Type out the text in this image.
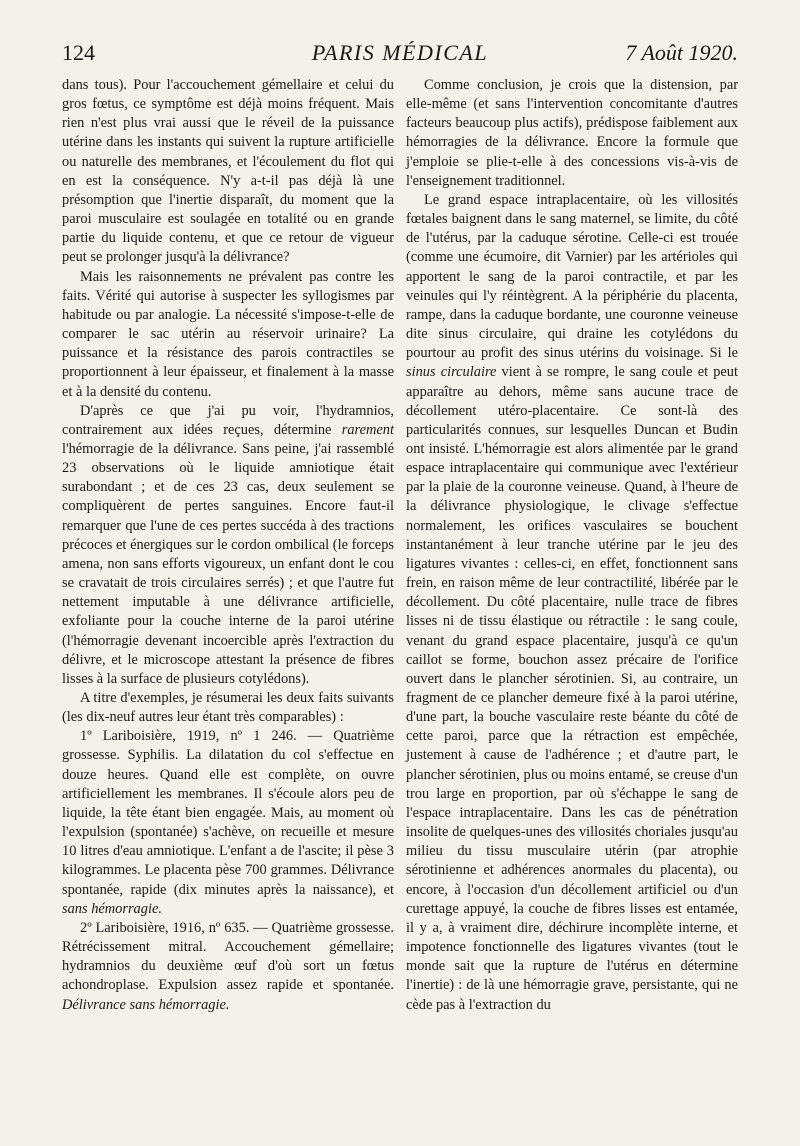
124	PARIS MÉDICAL	7 Août 1920.

dans tous). Pour l'accouchement gémellaire et celui du gros fœtus, ce symptôme est déjà moins fréquent. Mais rien n'est plus vrai aussi que le réveil de la puissance utérine dans les instants qui suivent la rupture artificielle ou naturelle des membranes, et l'écoulement du flot qui en est la conséquence. N'y a-t-il pas déjà là une présomption que l'inertie disparaît, du moment que la paroi musculaire est soulagée en totalité ou en grande partie du liquide contenu, et que ce retour de vigueur peut se prolonger jusqu'à la délivrance?

Mais les raisonnements ne prévalent pas contre les faits. Vérité qui autorise à suspecter les syllogismes par habitude ou par analogie. La nécessité s'impose-t-elle de comparer le sac utérin au réservoir urinaire? La puissance et la résistance des parois contractiles se proportionnent à leur épaisseur, et finalement à la masse et à la densité du contenu.

D'après ce que j'ai pu voir, l'hydramnios, contrairement aux idées reçues, détermine rarement l'hémorragie de la délivrance. Sans peine, j'ai rassemblé 23 observations où le liquide amniotique était surabondant ; et de ces 23 cas, deux seulement se compliquèrent de pertes sanguines. Encore faut-il remarquer que l'une de ces pertes succéda à des tractions précoces et énergiques sur le cordon ombilical (le forceps amena, non sans efforts vigoureux, un enfant dont le cou se cravatait de trois circulaires serrés) ; et que l'autre fut nettement imputable à une délivrance artificielle, exfoliante pour la couche interne de la paroi utérine (l'hémorragie devenant incoercible après l'extraction du délivre, et le microscope attestant la présence de fibres lisses à la surface de plusieurs cotylédons).

A titre d'exemples, je résumerai les deux faits suivants (les dix-neuf autres leur étant très comparables) :

1º Lariboisière, 1919, nº 1 246. — Quatrième grossesse. Syphilis. La dilatation du col s'effectue en douze heures. Quand elle est complète, on ouvre artificiellement les membranes. Il s'écoule alors peu de liquide, la tête étant bien engagée. Mais, au moment où l'expulsion (spontanée) s'achève, on recueille et mesure 10 litres d'eau amniotique. L'enfant a de l'ascite; il pèse 3 kilogrammes. Le placenta pèse 700 grammes. Délivrance spontanée, rapide (dix minutes après la naissance), et sans hémorragie.

2º Lariboisière, 1916, nº 635. — Quatrième grossesse. Rétrécissement mitral. Accouchement gémellaire; hydramnios du deuxième œuf d'où sort un fœtus achondroplase. Expulsion assez rapide et spontanée. Délivrance sans hémorragie.

Comme conclusion, je crois que la distension, par elle-même (et sans l'intervention concomitante d'autres facteurs beaucoup plus actifs), prédispose faiblement aux hémorragies de la délivrance. Encore la formule que j'emploie se plie-t-elle à des concessions vis-à-vis de l'enseignement traditionnel.

Le grand espace intraplacentaire, où les villosités fœtales baignent dans le sang maternel, se limite, du côté de l'utérus, par la caduque sérotine. Celle-ci est trouée (comme une écumoire, dit Varnier) par les artérioles qui apportent le sang de la paroi contractile, et par les veinules qui l'y réintègrent. A la périphérie du placenta, rampe, dans la caduque bordante, une couronne veineuse dite sinus circulaire, qui draine les cotylédons du pourtour au profit des sinus utérins du voisinage. Si le sinus circulaire vient à se rompre, le sang coule et peut apparaître au dehors, même sans aucune trace de décollement utéro-placentaire. Ce sont-là des particularités connues, sur lesquelles Duncan et Budin ont insisté. L'hémorragie est alors alimentée par le grand espace intraplacentaire qui communique avec l'extérieur par la plaie de la couronne veineuse. Quand, à l'heure de la délivrance physiologique, le clivage s'effectue normalement, les orifices vasculaires se bouchent instantanément à leur tranche utérine par le jeu des ligatures vivantes : celles-ci, en effet, fonctionnent sans frein, en raison même de leur contractilité, libérée par le décollement. Du côté placentaire, nulle trace de fibres lisses ni de tissu élastique ou rétractile : le sang coule, venant du grand espace placentaire, jusqu'à ce qu'un caillot se forme, bouchon assez précaire de l'orifice ouvert dans le plancher sérotinien. Si, au contraire, un fragment de ce plancher demeure fixé à la paroi utérine, d'une part, la bouche vasculaire reste béante du côté de cette paroi, parce que la rétraction est empêchée, justement à cause de l'adhérence ; et d'autre part, le plancher sérotinien, plus ou moins entamé, se creuse d'un trou large en proportion, par où s'échappe le sang de l'espace intraplacentaire. Dans les cas de pénétration insolite de quelques-unes des villosités choriales jusqu'au milieu du tissu musculaire utérin (par atrophie sérotinienne et adhérences anormales du placenta), ou encore, à l'occasion d'un décollement artificiel ou d'un curettage appuyé, la couche de fibres lisses est entamée, il y a, à vraiment dire, déchirure incomplète interne, et impotence fonctionnelle des ligatures vivantes (tout le monde sait que la rupture de l'utérus en détermine l'inertie) : de là une hémorragie grave, persistante, qui ne cède pas à l'extraction du
